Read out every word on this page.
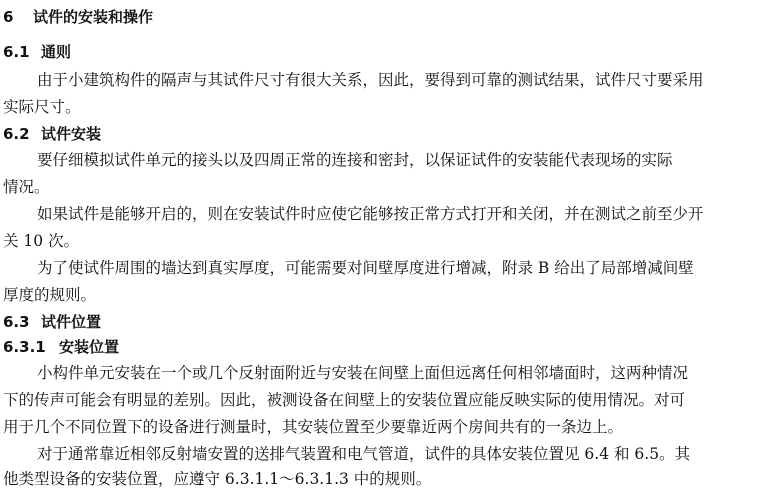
6 试件的安装和操作
6.1 通则
由于小建筑构件的隔声与其试件尺寸有很大关系，因此，要得到可靠的测试结果，试件尺寸要采用
实际尺寸。
6.2 试件安装
要仔细模拟试件单元的接头以及四周正常的连接和密封，以保证试件的安装能代表现场的实际
情况。
如果试件是能够开启的，则在安装试件时应使它能够按正常方式打开和关闭，并在测试之前至少开
关 10 次。
为了使试件周围的墙达到真实厚度，可能需要对间壁厚度进行增减，附录 B 给出了局部增减间壁
厚度的规则。
6.3 试件位置
6.3.1 安装位置
小构件单元安装在一个或几个反射面附近与安装在间壁上面但远离任何相邻墙面时，这两种情况
下的传声可能会有明显的差别。因此，被测设备在间壁上的安装位置应能反映实际的使用情况。对可
用于几个不同位置下的设备进行测量时，其安装位置至少要靠近两个房间共有的一条边上。
对于通常靠近相邻反射墙安置的送排气装置和电气管道，试件的具体安装位置见 6.4 和 6.5。其
他类型设备的安装位置，应遵守 6.3.1.1～6.3.1.3 中的规则。
